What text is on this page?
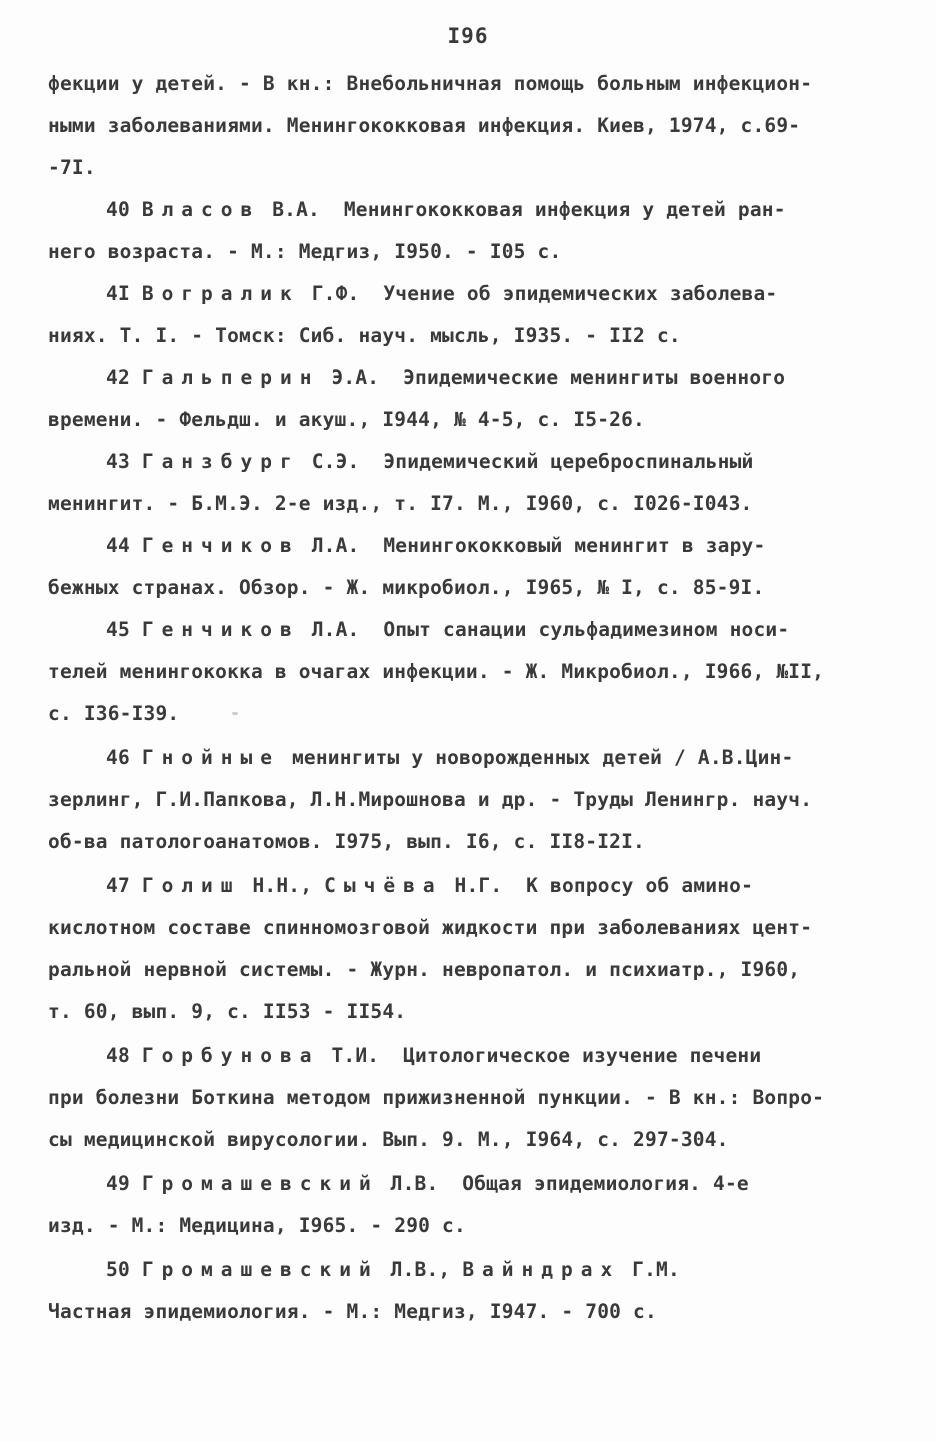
I96
фекции у детей. - В кн.: Внебольничная помощь больным инфекцион-
ными заболеваниями. Менингококковая инфекция. Киев, 1974, с.69-
-7I.
40 Власов В.А.  Менингококковая инфекция у детей ран-
него возраста. - М.: Медгиз, I950. - I05 с.
4I Вогралик Г.Ф.  Учение об эпидемических заболева-
ниях. Т. I. - Томск: Сиб. науч. мысль, I935. - II2 с.
42 Гальперин Э.А.  Эпидемические менингиты военного
времени. - Фельдш. и акуш., I944, № 4-5, с. I5-26.
43 Ганзбург С.Э.  Эпидемический цереброспинальный
менингит. - Б.М.Э. 2-е изд., т. I7. М., I960, с. I026-I043.
44 Генчиков Л.А.  Менингококковый менингит в зару-
бежных странах. Обзор. - Ж. микробиол., I965, № I, с. 85-9I.
45 Генчиков Л.А.  Опыт санации сульфадимезином носи-
телей менингококка в очагах инфекции. - Ж. Микробиол., I966, №II,
с. I36-I39.
46 Гнойные менингиты у новорожденных детей / А.В.Цин-
зерлинг, Г.И.Папкова, Л.Н.Мирошнова и др. - Труды Ленингр. науч.
об-ва патологоанатомов. I975, вып. I6, с. II8-I2I.
47 Голиш Н.Н., Сычёва Н.Г.  К вопросу об амино-
кислотном составе спинномозговой жидкости при заболеваниях цент-
ральной нервной системы. - Журн. невропатол. и психиатр., I960,
т. 60, вып. 9, с. II53 - II54.
48 Горбунова Т.И.  Цитологическое изучение печени
при болезни Боткина методом прижизненной пункции. - В кн.: Вопро-
сы медицинской вирусологии. Вып. 9. М., I964, с. 297-304.
49 Громашевский Л.В.  Общая эпидемиология. 4-е
изд. - М.: Медицина, I965. - 290 с.
50 Громашевский Л.В., Вайндрах Г.М.
Частная эпидемиология. - М.: Медгиз, I947. - 700 с.
